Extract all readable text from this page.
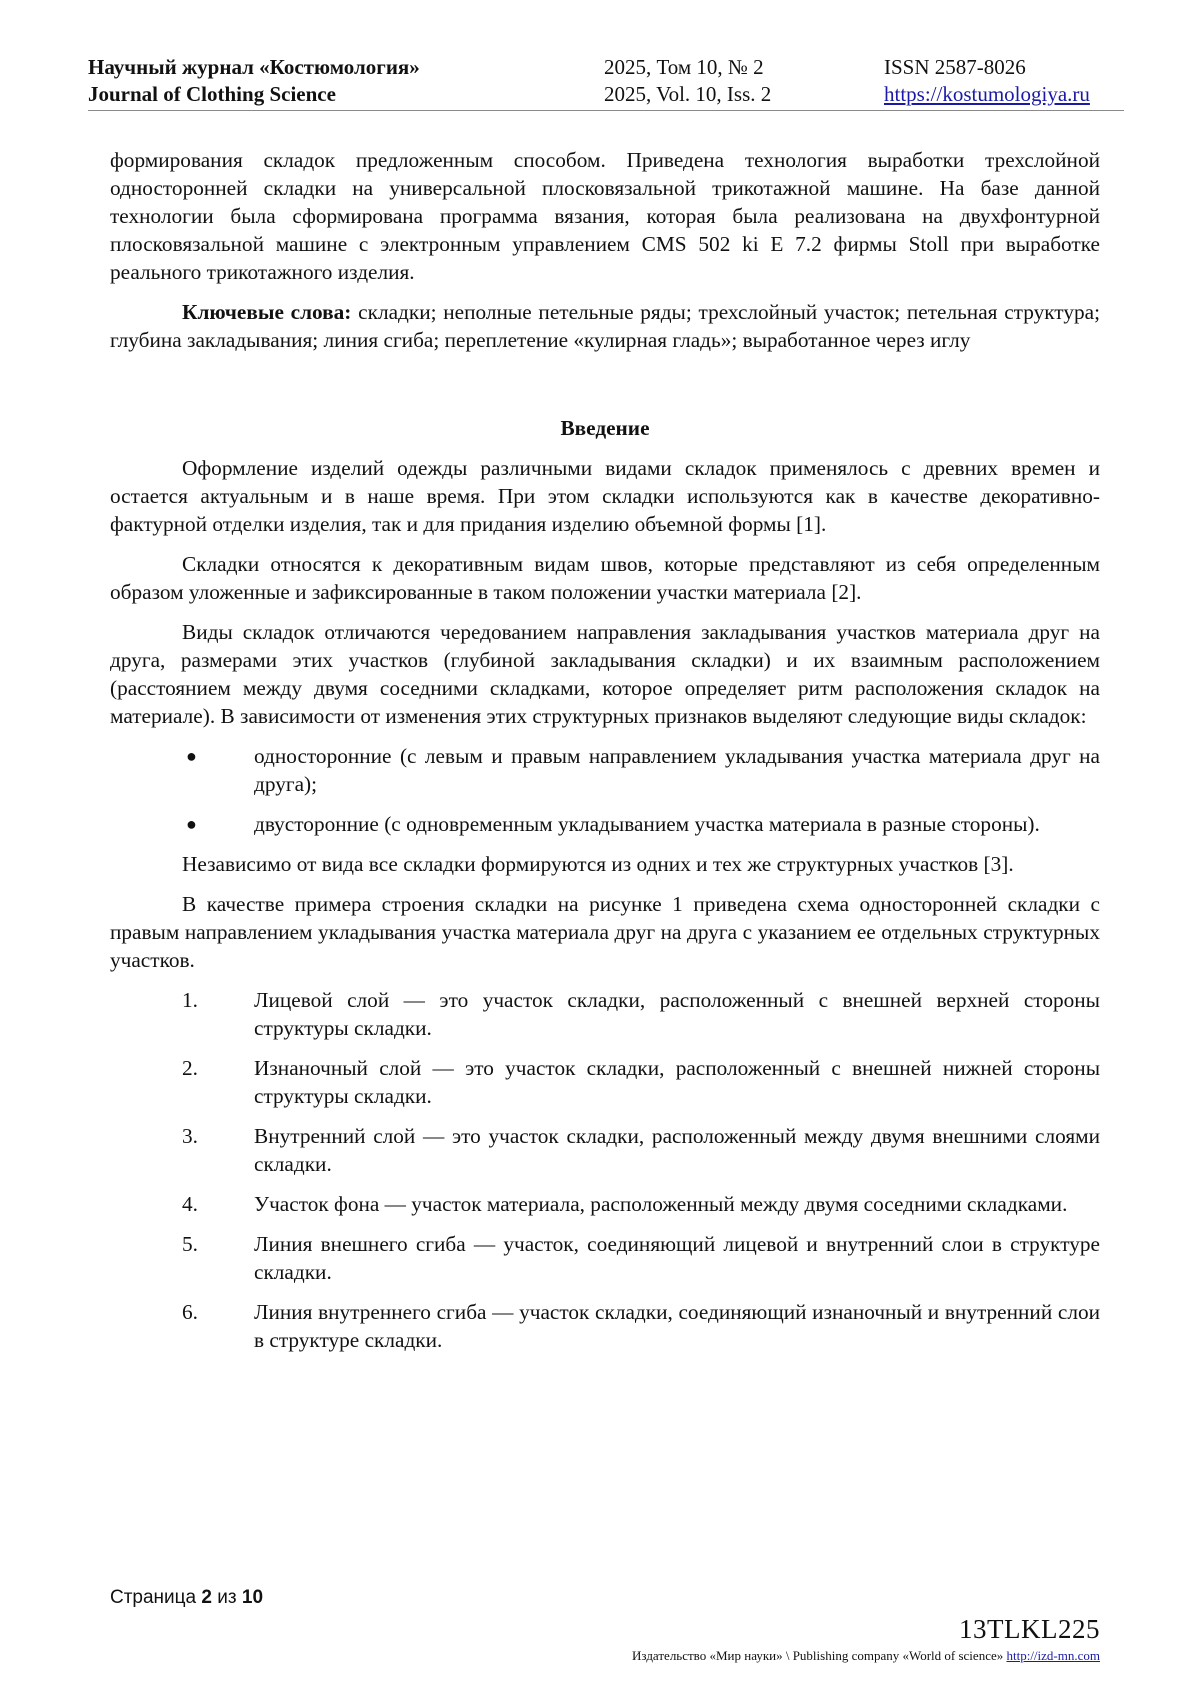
Научный журнал «Костюмология»
Journal of Clothing Science
2025, Том 10, № 2
2025, Vol. 10, Iss. 2
ISSN 2587-8026
https://kostumologiya.ru

формирования складок предложенным способом. Приведена технология выработки трехслойной односторонней складки на универсальной плосковязальной трикотажной машине. На базе данной технологии была сформирована программа вязания, которая была реализована на двухфонтурной плосковязальной машине с электронным управлением CMS 502 ki E 7.2 фирмы Stoll при выработке реального трикотажного изделия.

Ключевые слова: складки; неполные петельные ряды; трехслойный участок; петельная структура; глубина закладывания; линия сгиба; переплетение «кулирная гладь»; выработанное через иглу

Введение

Оформление изделий одежды различными видами складок применялось с древних времен и остается актуальным и в наше время. При этом складки используются как в качестве декоративно-фактурной отделки изделия, так и для придания изделию объемной формы [1].

Складки относятся к декоративным видам швов, которые представляют из себя определенным образом уложенные и зафиксированные в таком положении участки материала [2].

Виды складок отличаются чередованием направления закладывания участков материала друг на друга, размерами этих участков (глубиной закладывания складки) и их взаимным расположением (расстоянием между двумя соседними складками, которое определяет ритм расположения складок на материале). В зависимости от изменения этих структурных признаков выделяют следующие виды складок:

●	односторонние (с левым и правым направлением укладывания участка материала друг на друга);
●	двусторонние (с одновременным укладыванием участка материала в разные стороны).

Независимо от вида все складки формируются из одних и тех же структурных участков [3].

В качестве примера строения складки на рисунке 1 приведена схема односторонней складки с правым направлением укладывания участка материала друг на друга с указанием ее отдельных структурных участков.

1.	Лицевой слой — это участок складки, расположенный с внешней верхней стороны структуры складки.
2.	Изнаночный слой — это участок складки, расположенный с внешней нижней стороны структуры складки.
3.	Внутренний слой — это участок складки, расположенный между двумя внешними слоями складки.
4.	Участок фона — участок материала, расположенный между двумя соседними складками.
5.	Линия внешнего сгиба — участок, соединяющий лицевой и внутренний слои в структуре складки.
6.	Линия внутреннего сгиба — участок складки, соединяющий изнаночный и внутренний слои в структуре складки.
Страница 2 из 10
13TLKL225
Издательство «Мир науки» \ Publishing company «World of science» http://izd-mn.com
